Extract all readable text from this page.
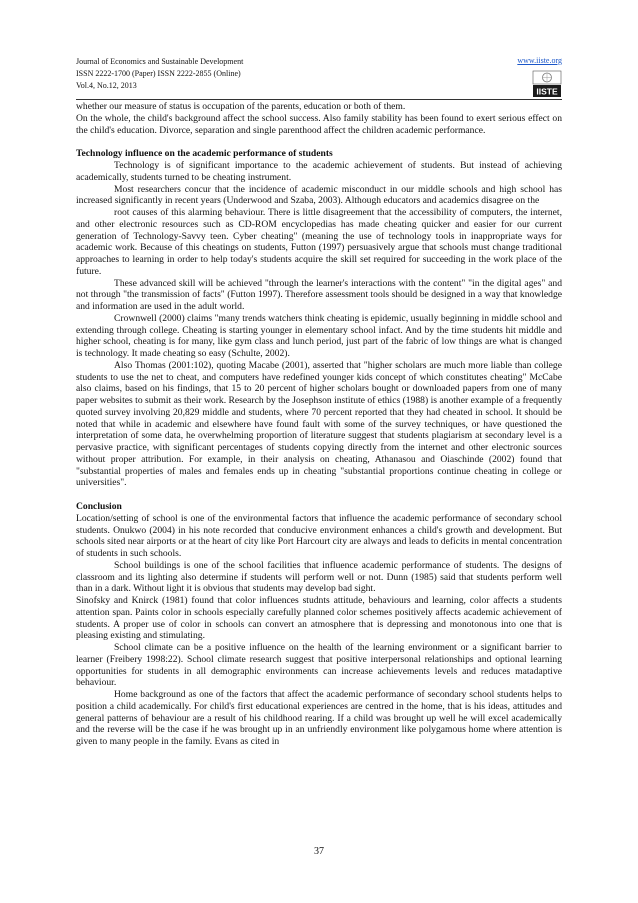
Journal of Economics and Sustainable Development
ISSN 2222-1700 (Paper) ISSN 2222-2855 (Online)
Vol.4, No.12, 2013
www.iiste.org
IISTE

whether our measure of status is occupation of the parents, education or both of them.

On the whole, the child's background affect the school success. Also family stability has been found to exert serious effect on the child's education. Divorce, separation and single parenthood affect the children academic performance.

Technology influence on the academic performance of students

Technology is of significant importance to the academic achievement of students. But instead of achieving academically, students turned to be cheating instrument.

Most researchers concur that the incidence of academic misconduct in our middle schools and high school has increased significantly in recent years (Underwood and Szaba, 2003). Although educators and academics disagree on the

root causes of this alarming behaviour. There is little disagreement that the accessibility of computers, the internet, and other electronic resources such as CD-ROM encyclopedias has made cheating quicker and easier for our current generation of Technology-Savvy teen. Cyber cheating" (meaning the use of technology tools in inappropriate ways for academic work. Because of this cheatings on students, Futton (1997) persuasively argue that schools must change traditional approaches to learning in order to help today's students acquire the skill set required for succeeding in the work place of the future.

These advanced skill will be achieved "through the learner's interactions with the content" "in the digital ages" and not through "the transmission of facts" (Futton 1997). Therefore assessment tools should be designed in a way that knowledge and information are used in the adult world.

Crownwell (2000) claims "many trends watchers think cheating is epidemic, usually beginning in middle school and extending through college. Cheating is starting younger in elementary school infact. And by the time students hit middle and higher school, cheating is for many, like gym class and lunch period, just part of the fabric of low things are what is changed is technology. It made cheating so easy (Schulte, 2002).

Also Thomas (2001:102), quoting Macabe (2001), asserted that "higher scholars are much more liable than college students to use the net to cheat, and computers have redefined younger kids concept of which constitutes cheating" McCabe also claims, based on his findings, that 15 to 20 percent of higher scholars bought or downloaded papers from one of many paper websites to submit as their work. Research by the Josephson institute of ethics (1988) is another example of a frequently quoted survey involving 20,829 middle and students, where 70 percent reported that they had cheated in school. It should be noted that while in academic and elsewhere have found fault with some of the survey techniques, or have questioned the interpretation of some data, he overwhelming proportion of literature suggest that students plagiarism at secondary level is a pervasive practice, with significant percentages of students copying directly from the internet and other electronic sources without proper attribution. For example, in their analysis on cheating, Athanasou and Oiaschinde (2002) found that "substantial properties of males and females ends up in cheating "substantial proportions continue cheating in college or universities".

Conclusion

Location/setting of school is one of the environmental factors that influence the academic performance of secondary school students. Onukwo (2004) in his note recorded that conducive environment enhances a child's growth and development. But schools sited near airports or at the heart of city like Port Harcourt city are always and leads to deficits in mental concentration of students in such schools.

School buildings is one of the school facilities that influence academic performance of students. The designs of classroom and its lighting also determine if students will perform well or not. Dunn (1985) said that students perform well than in a dark. Without light it is obvious that students may develop bad sight.

Sinofsky and Knirck (1981) found that color influences studnts attitude, behaviours and learning, color affects a students attention span. Paints color in schools especially carefully planned color schemes positively affects academic achievement of students. A proper use of color in schools can convert an atmosphere that is depressing and monotonous into one that is pleasing existing and stimulating.

School climate can be a positive influence on the health of the learning environment or a significant barrier to learner (Freibery 1998:22). School climate research suggest that positive interpersonal relationships and optional learning opportunities for students in all demographic environments can increase achievements levels and reduces matadaptive behaviour.

Home background as one of the factors that affect the academic performance of secondary school students helps to position a child academically. For child's first educational experiences are centred in the home, that is his ideas, attitudes and general patterns of behaviour are a result of his childhood rearing. If a child was brought up well he will excel academically and the reverse will be the case if he was brought up in an unfriendly environment like polygamous home where attention is given to many people in the family. Evans as cited in

37
